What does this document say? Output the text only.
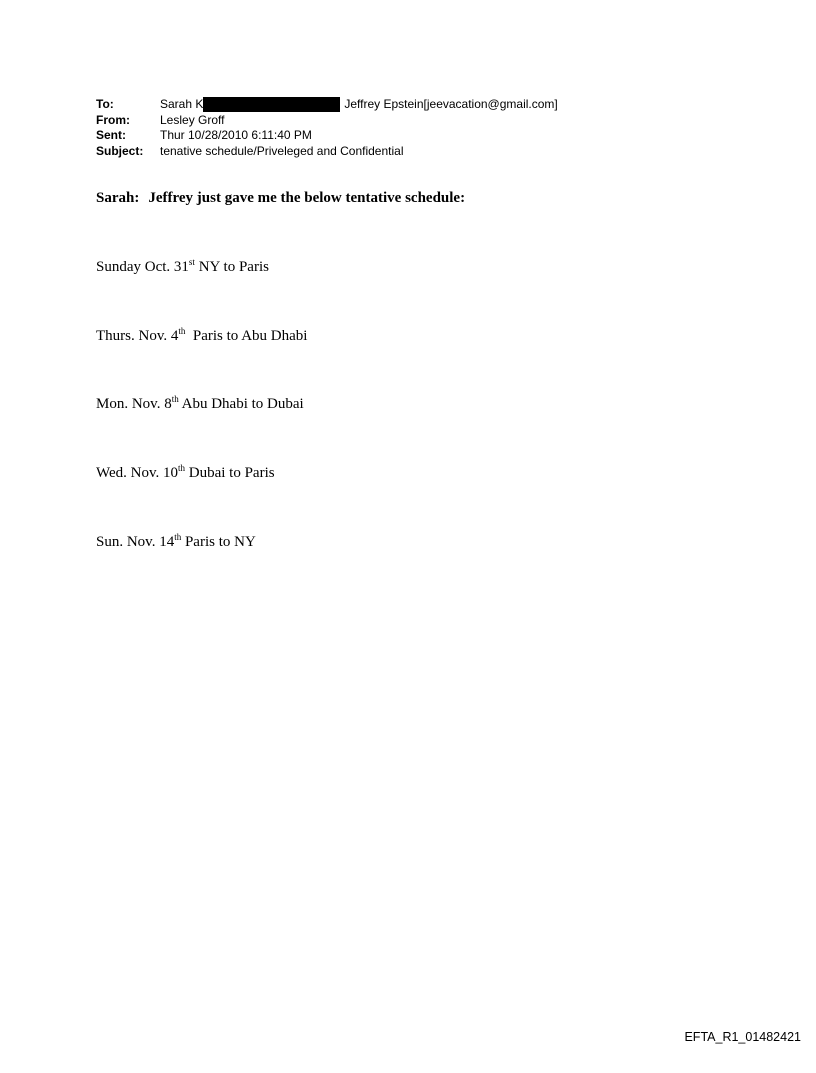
To:	Sarah K	Jeffrey Epstein[jeevacation@gmail.com]
From:	Lesley Groff
Sent:	Thur 10/28/2010 6:11:40 PM
Subject:	tenative schedule/Priveleged and Confidential
Sarah: Jeffrey just gave me the below tentative schedule:
Sunday Oct. 31st NY to Paris
Thurs. Nov. 4th  Paris to Abu Dhabi
Mon. Nov. 8th Abu Dhabi to Dubai
Wed. Nov. 10th Dubai to Paris
Sun. Nov. 14th Paris to NY
EFTA_R1_01482421
